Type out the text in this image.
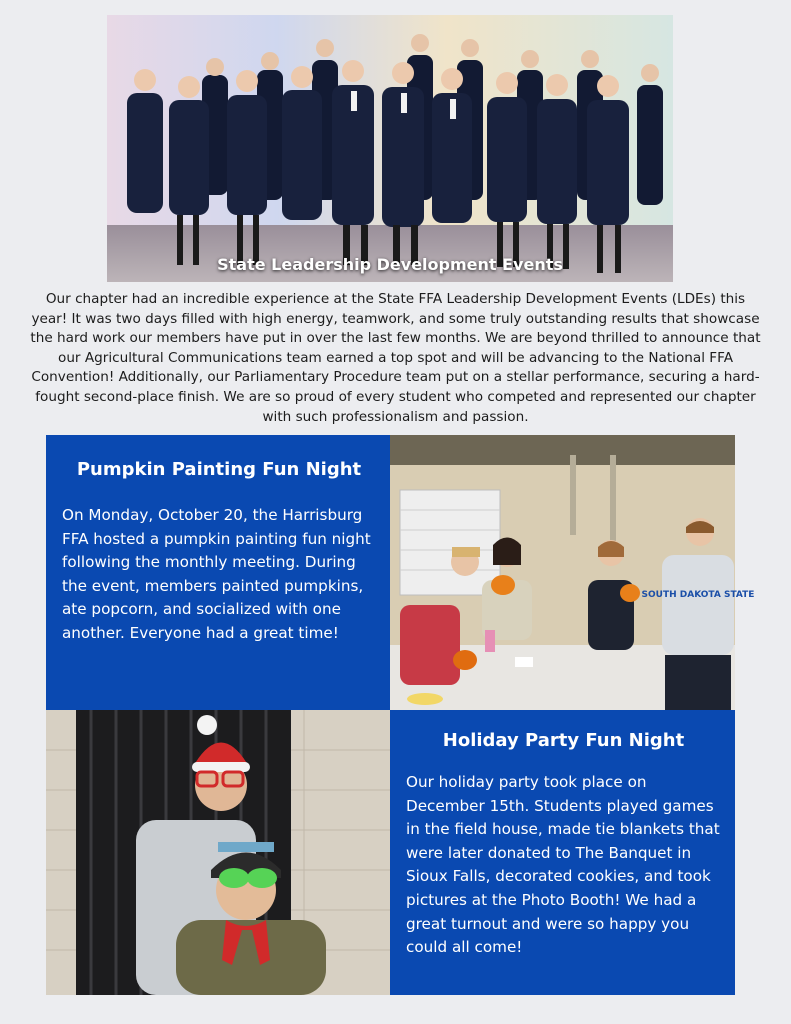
State Leadership Development Events

Our chapter had an incredible experience at the State FFA Leadership Development Events (LDEs) this year! It was two days filled with high energy, teamwork, and some truly outstanding results that showcase the hard work our members have put in over the last few months. We are beyond thrilled to announce that our Agricultural Communications team earned a top spot and will be advancing to the National FFA Convention! Additionally, our Parliamentary Procedure team put on a stellar performance, securing a hard-fought second-place finish. We are so proud of every student who competed and represented our chapter with such professionalism and passion.

Pumpkin Painting Fun Night

On Monday, October 20, the Harrisburg FFA hosted a pumpkin painting fun night following the monthly meeting. During the event, members painted pumpkins, ate popcorn, and socialized with one another. Everyone had a great time!

SOUTH DAKOTA STATE
Holiday Party Fun Night

Our holiday party took place on December 15th. Students played games in the field house, made tie blankets that were later donated to The Banquet in Sioux Falls, decorated cookies, and took pictures at the Photo Booth! We had a great turnout and were so happy you could all come!
